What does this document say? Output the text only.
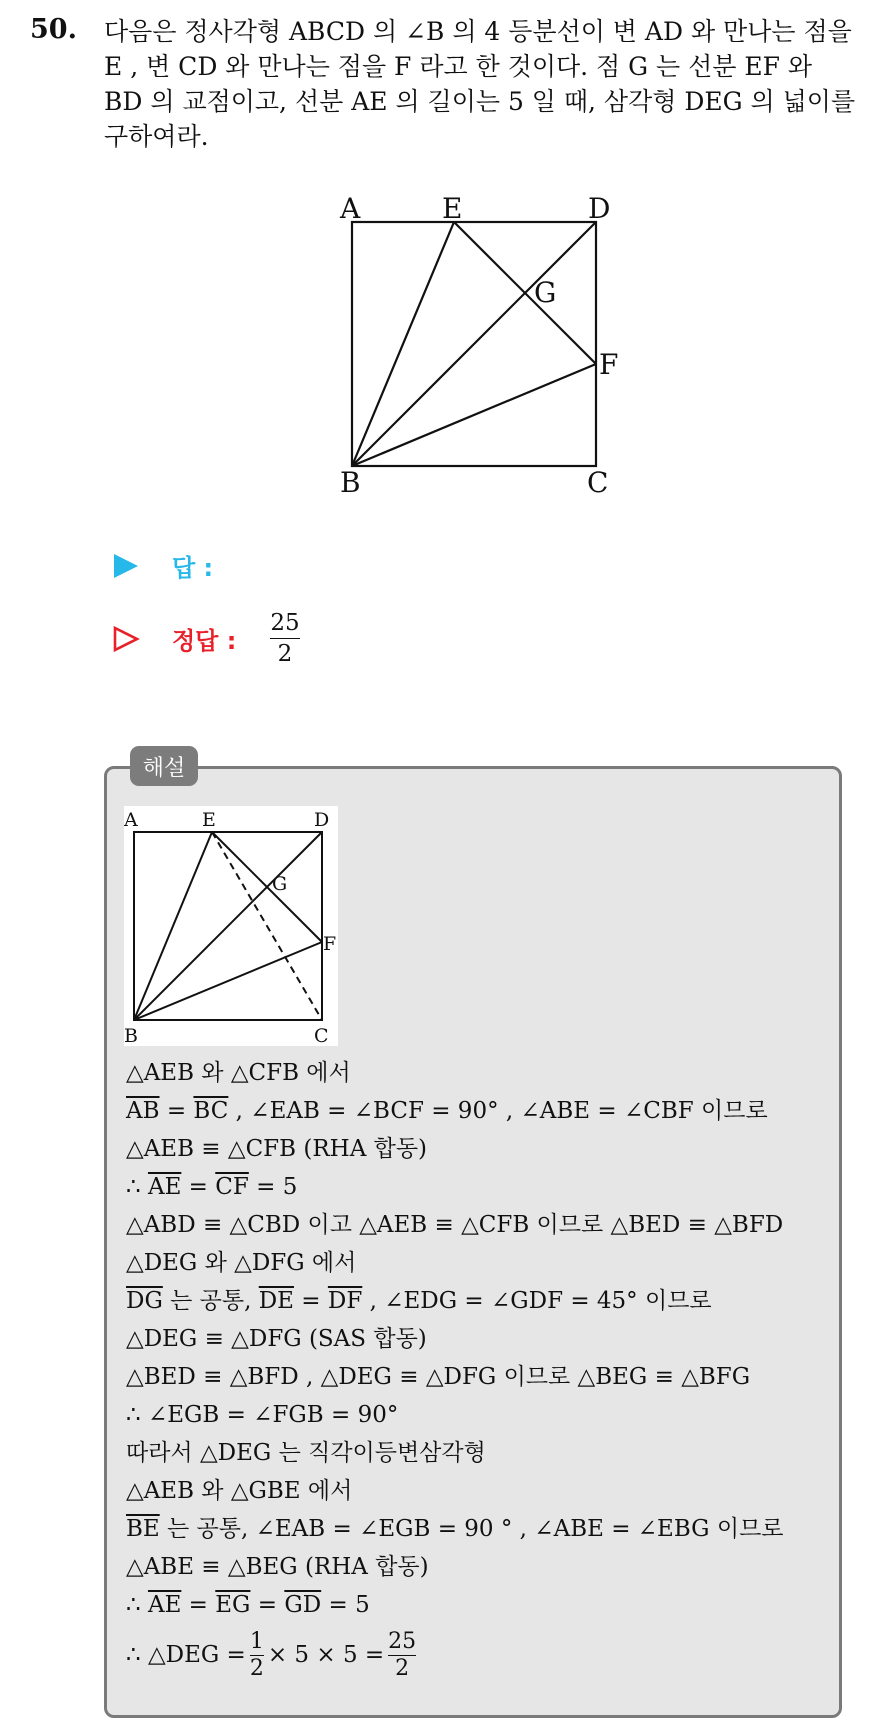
50. 다음은 정사각형 ABCD 의 ∠B 의 4 등분선이 변 AD 와 만나는 점을
E , 변 CD 와 만나는 점을 F 라고 한 것이다. 점 G 는 선분 EF 와
BD 의 교점이고, 선분 AE 의 길이는 5 일 때, 삼각형 DEG 의 넓이를
구하여라.
A	E	D
G
F
B	C
답 :
정답 : $\frac{25}{2}$
해설
A	E	D
G
F
B	C
△AEB 와 △CFB 에서
$\overline{AB} = \overline{BC}$ , ∠EAB = ∠BCF = 90° , ∠ABE = ∠CBF 이므로
△AEB ≡ △CFB (RHA 합동)
∴ $\overline{AE} = \overline{CF} = 5$
△ABD ≡ △CBD 이고 △AEB ≡ △CFB 이므로 △BED ≡ △BFD
△DEG 와 △DFG 에서
$\overline{DG}$ 는 공통, $\overline{DE} = \overline{DF}$ , ∠EDG = ∠GDF = 45° 이므로
△DEG ≡ △DFG (SAS 합동)
△BED ≡ △BFD , △DEG ≡ △DFG 이므로 △BEG ≡ △BFG
∴ ∠EGB = ∠FGB = 90°
따라서 △DEG 는 직각이등변삼각형
△AEB 와 △GBE 에서
$\overline{BE}$ 는 공통, ∠EAB = ∠EGB = 90 ° , ∠ABE = ∠EBG 이므로
△ABE ≡ △BEG (RHA 합동)
∴ $\overline{AE} = \overline{EG} = \overline{GD} = 5$
∴ △DEG = $\frac{1}{2} \times 5 \times 5 = \frac{25}{2}$
